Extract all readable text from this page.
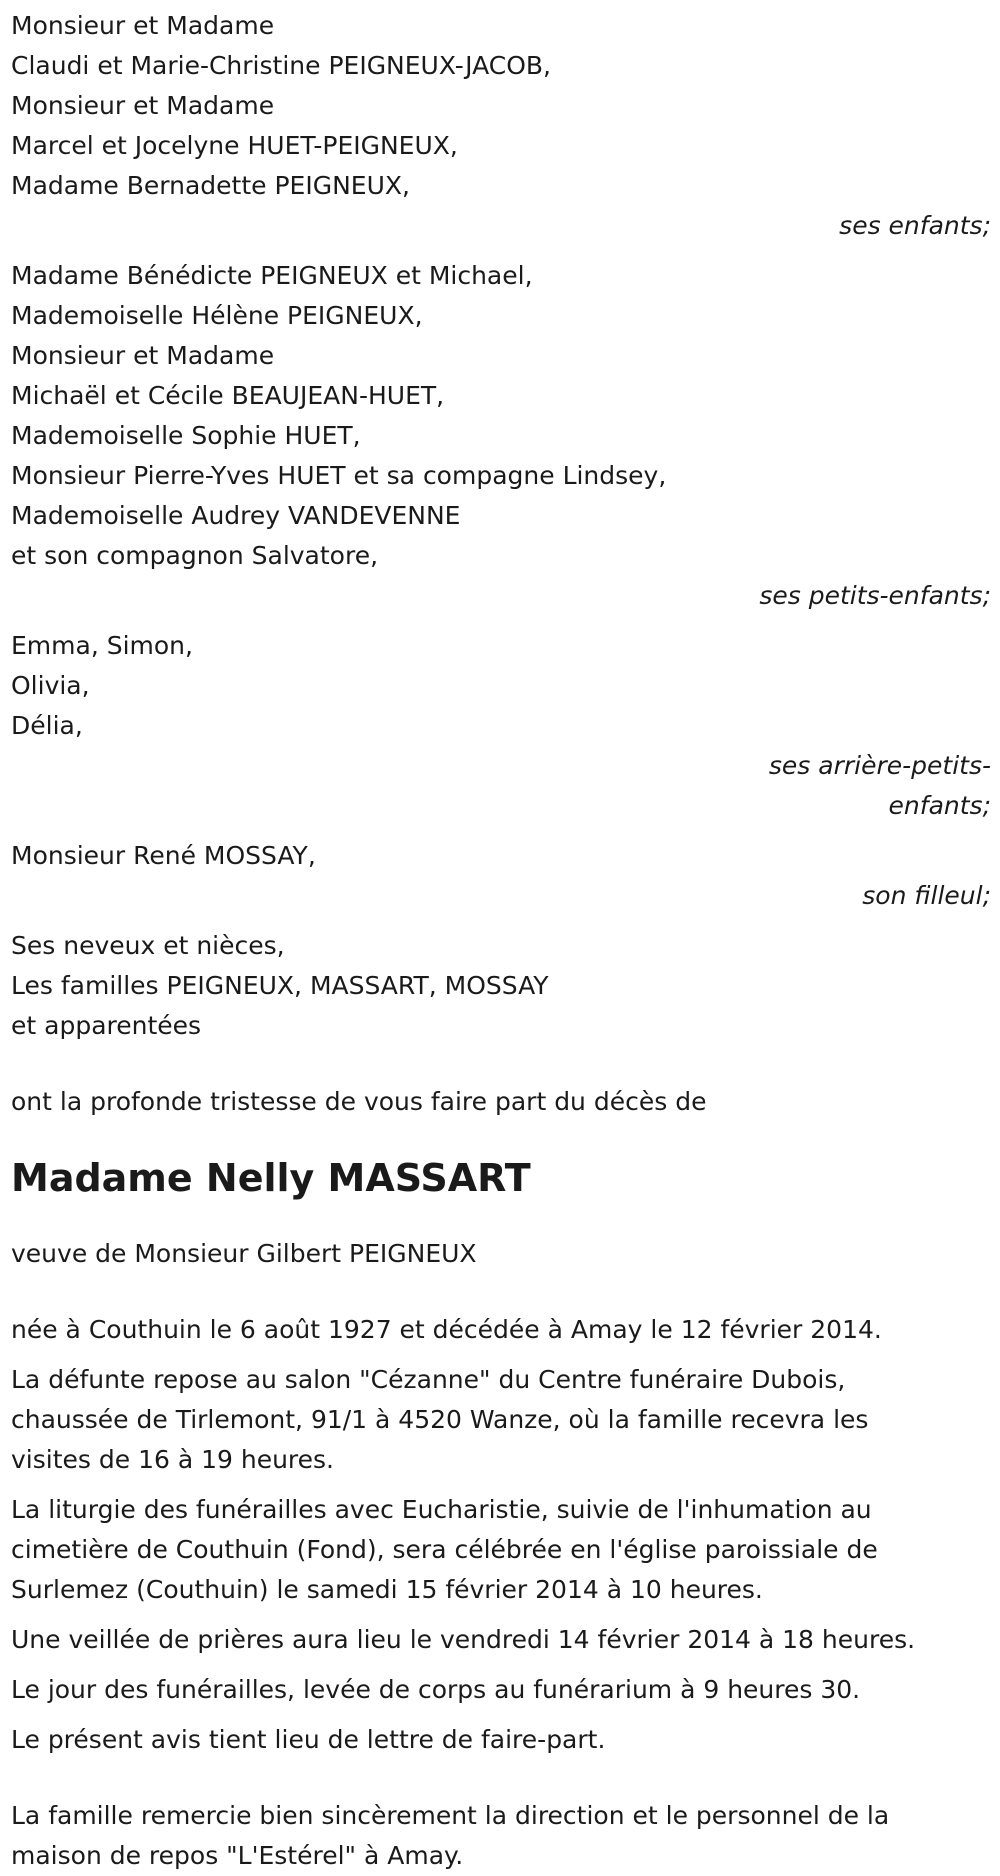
Monsieur et Madame
Claudi et Marie-Christine PEIGNEUX-JACOB,
Monsieur et Madame
Marcel et Jocelyne HUET-PEIGNEUX,
Madame Bernadette PEIGNEUX,
ses enfants;
Madame Bénédicte PEIGNEUX et Michael,
Mademoiselle Hélène PEIGNEUX,
Monsieur et Madame
Michaël et Cécile BEAUJEAN-HUET,
Mademoiselle Sophie HUET,
Monsieur Pierre-Yves HUET et sa compagne Lindsey,
Mademoiselle Audrey VANDEVENNE
et son compagnon Salvatore,
ses petits-enfants;
Emma, Simon,
Olivia,
Délia,
ses arrière-petits-
enfants;
Monsieur René MOSSAY,
son filleul;
Ses neveux et nièces,
Les familles PEIGNEUX, MASSART, MOSSAY
et apparentées
ont la profonde tristesse de vous faire part du décès de
Madame Nelly MASSART
veuve de Monsieur Gilbert PEIGNEUX
née à Couthuin le 6 août 1927 et décédée à Amay le 12 février 2014.
La défunte repose au salon "Cézanne" du Centre funéraire Dubois,
chaussée de Tirlemont, 91/1 à 4520 Wanze, où la famille recevra les
visites de 16 à 19 heures.
La liturgie des funérailles avec Eucharistie, suivie de l'inhumation au
cimetière de Couthuin (Fond), sera célébrée en l'église paroissiale de
Surlemez (Couthuin) le samedi 15 février 2014 à 10 heures.
Une veillée de prières aura lieu le vendredi 14 février 2014 à 18 heures.
Le jour des funérailles, levée de corps au funérarium à 9 heures 30.
Le présent avis tient lieu de lettre de faire-part.
La famille remercie bien sincèrement la direction et le personnel de la
maison de repos "L'Estérel" à Amay.
